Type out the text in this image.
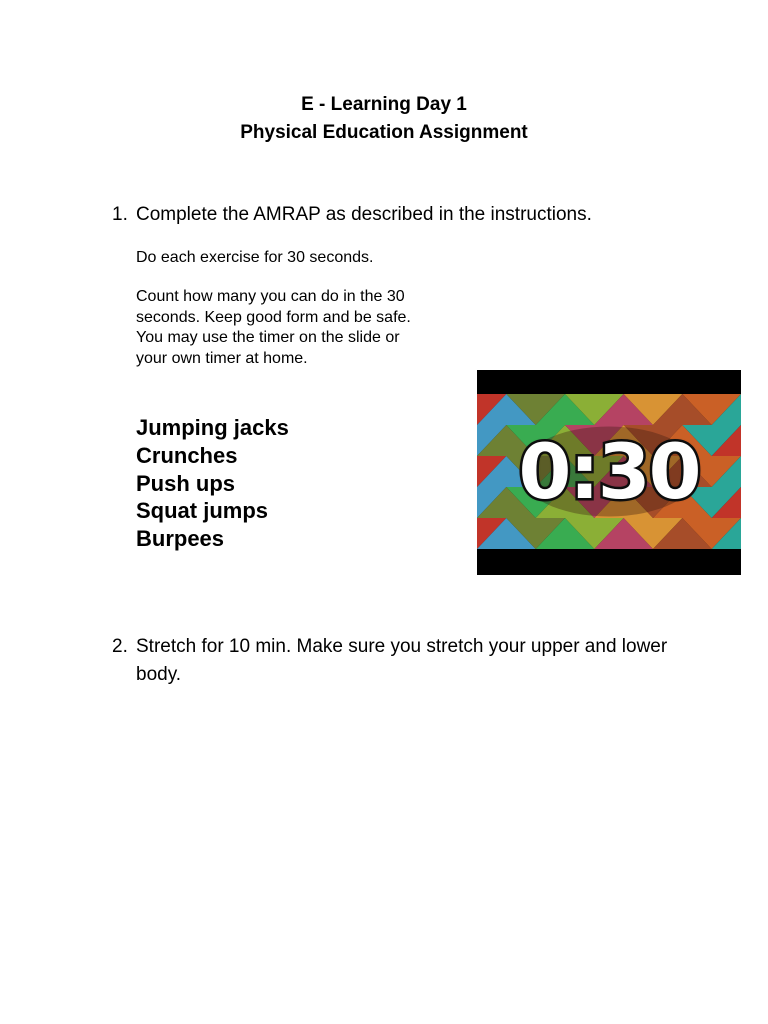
E - Learning Day 1
Physical Education Assignment
1. Complete the AMRAP as described in the instructions.
Do each exercise for 30 seconds.
Count how many you can do in the 30 seconds. Keep good form and be safe. You may use the timer on the slide or your own timer at home.
Jumping jacks
Crunches
Push ups
Squat jumps
Burpees
0:30
2. Stretch for 10 min. Make sure you stretch your upper and lower body.
